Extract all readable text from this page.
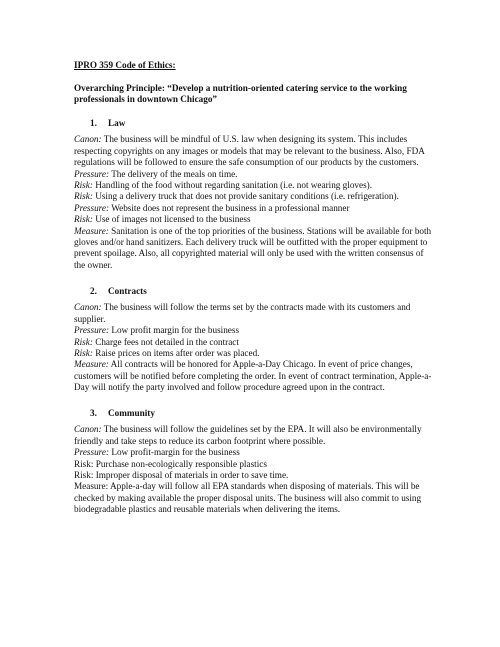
IPRO 359 Code of Ethics:
Overarching Principle: “Develop a nutrition-oriented catering service to the working professionals in downtown Chicago”

1. Law

Canon: The business will be mindful of U.S. law when designing its system. This includes respecting copyrights on any images or models that may be relevant to the business. Also, FDA regulations will be followed to ensure the safe consumption of our products by the customers.

Pressure: The delivery of the meals on time.

Risk: Handling of the food without regarding sanitation (i.e. not wearing gloves).

Risk: Using a delivery truck that does not provide sanitary conditions (i.e. refrigeration).

Pressure: Website does not represent the business in a professional manner

Risk: Use of images not licensed to the business

Measure: Sanitation is one of the top priorities of the business. Stations will be available for both gloves and/or hand sanitizers. Each delivery truck will be outfitted with the proper equipment to prevent spoilage. Also, all copyrighted material will only be used with the written consensus of the owner.

2. Contracts

Canon: The business will follow the terms set by the contracts made with its customers and supplier.

Pressure: Low profit margin for the business

Risk: Charge fees not detailed in the contract

Risk: Raise prices on items after order was placed.

Measure: All contracts will be honored for Apple-a-Day Chicago. In event of price changes, customers will be notified before completing the order. In event of contract termination, Apple-a-Day will notify the party involved and follow procedure agreed upon in the contract.

3. Community

Canon: The business will follow the guidelines set by the EPA. It will also be environmentally friendly and take steps to reduce its carbon footprint where possible.

Pressure: Low profit-margin for the business

Risk: Purchase non-ecologically responsible plastics

Risk: Improper disposal of materials in order to save time.

Measure: Apple-a-day will follow all EPA standards when disposing of materials. This will be checked by making available the proper disposal units. The business will also commit to using biodegradable plastics and reusable materials when delivering the items.
